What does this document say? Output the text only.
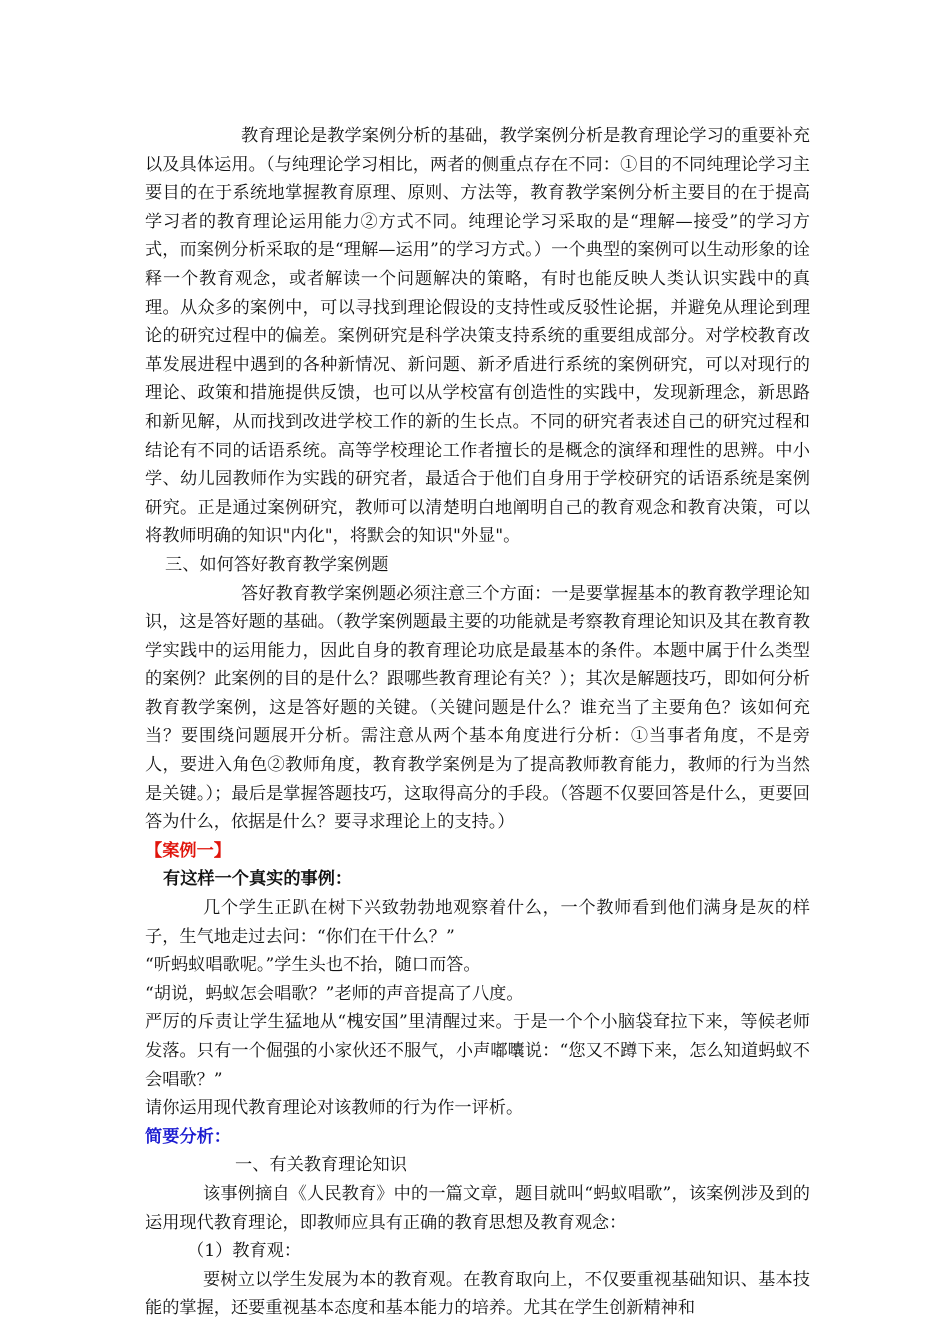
教育理论是教学案例分析的基础，教学案例分析是教育理论学习的重要补充以及具体运用。（与纯理论学习相比，两者的侧重点存在不同：①目的不同纯理论学习主要目的在于系统地掌握教育原理、原则、方法等，教育教学案例分析主要目的在于提高学习者的教育理论运用能力②方式不同。纯理论学习采取的是“理解—接受”的学习方式，而案例分析采取的是“理解—运用”的学习方式。）一个典型的案例可以生动形象的诠释一个教育观念，或者解读一个问题解决的策略，有时也能反映人类认识实践中的真理。从众多的案例中，可以寻找到理论假设的支持性或反驳性论据，并避免从理论到理论的研究过程中的偏差。案例研究是科学决策支持系统的重要组成部分。对学校教育改革发展进程中遇到的各种新情况、新问题、新矛盾进行系统的案例研究，可以对现行的理论、政策和措施提供反馈，也可以从学校富有创造性的实践中，发现新理念，新思路和新见解，从而找到改进学校工作的新的生长点。不同的研究者表述自己的研究过程和结论有不同的话语系统。高等学校理论工作者擅长的是概念的演绎和理性的思辨。中小学、幼儿园教师作为实践的研究者，最适合于他们自身用于学校研究的话语系统是案例研究。正是通过案例研究，教师可以清楚明白地阐明自己的教育观念和教育决策，可以将教师明确的知识"内化"，将默会的知识"外显"。

三、如何答好教育教学案例题

答好教育教学案例题必须注意三个方面：一是要掌握基本的教育教学理论知识，这是答好题的基础。（教学案例题最主要的功能就是考察教育理论知识及其在教育教学实践中的运用能力，因此自身的教育理论功底是最基本的条件。本题中属于什么类型的案例？此案例的目的是什么？跟哪些教育理论有关？）；其次是解题技巧，即如何分析教育教学案例，这是答好题的关键。（关键问题是什么？谁充当了主要角色？该如何充当？要围绕问题展开分析。需注意从两个基本角度进行分析：①当事者角度，不是旁人，要进入角色②教师角度，教育教学案例是为了提高教师教育能力，教师的行为当然是关键。）；最后是掌握答题技巧，这取得高分的手段。（答题不仅要回答是什么，更要回答为什么，依据是什么？要寻求理论上的支持。）

【案例一】

有这样一个真实的事例：

几个学生正趴在树下兴致勃勃地观察着什么，一个教师看到他们满身是灰的样子，生气地走过去问：“你们在干什么？”

“听蚂蚁唱歌呢。”学生头也不抬，随口而答。

“胡说，蚂蚁怎会唱歌？”老师的声音提高了八度。

严厉的斥责让学生猛地从“槐安国”里清醒过来。于是一个个小脑袋耷拉下来，等候老师发落。只有一个倔强的小家伙还不服气，小声嘟囔说：“您又不蹲下来，怎么知道蚂蚁不会唱歌？”

请你运用现代教育理论对该教师的行为作一评析。

简要分析：

一、有关教育理论知识

该事例摘自《人民教育》中的一篇文章，题目就叫“蚂蚁唱歌”，该案例涉及到的运用现代教育理论，即教师应具有正确的教育思想及教育观念：

（1）教育观：

要树立以学生发展为本的教育观。在教育取向上，不仅要重视基础知识、基本技能的掌握，还要重视基本态度和基本能力的培养。尤其在学生创新精神和
